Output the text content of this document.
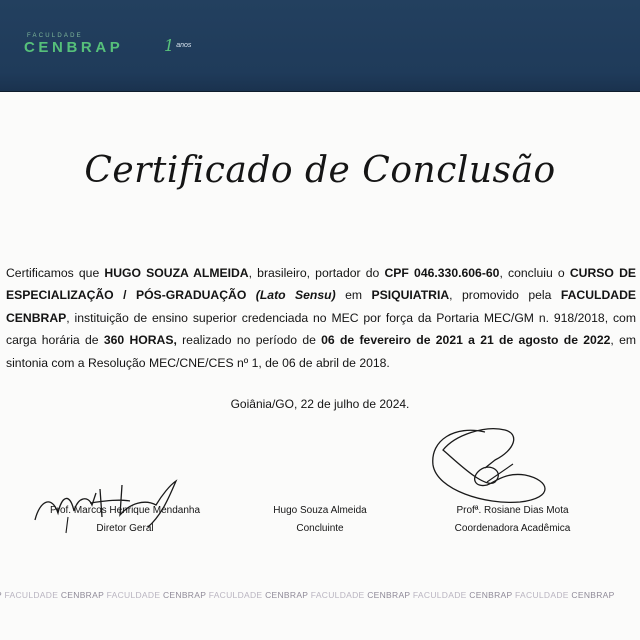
FACULDADE
CENBRAP	1 anos
Certificado de Conclusão
Certificamos que HUGO SOUZA ALMEIDA, brasileiro, portador do CPF 046.330.606-60, concluiu o CURSO DE ESPECIALIZAÇÃO / PÓS-GRADUAÇÃO (Lato Sensu) em PSIQUIATRIA, promovido pela FACULDADE CENBRAP, instituição de ensino superior credenciada no MEC por força da Portaria MEC/GM n. 918/2018, com carga horária de 360 HORAS, realizado no período de 06 de fevereiro de 2021 a 21 de agosto de 2022, em sintonia com a Resolução MEC/CNE/CES nº 1, de 06 de abril de 2018.
Goiânia/GO, 22 de julho de 2024.
Prof. Marcos Henrique Mendanha
Diretor Geral
Hugo Souza Almeida
Concluinte
Profª. Rosiane Dias Mota
Coordenadora Acadêmica
FACULDADE CENBRAP FACULDADE CENBRAP FACULDADE CENBRAP FACULDADE CENBRAP FACULDADE CENBRAP FACULDADE CENBRAP
